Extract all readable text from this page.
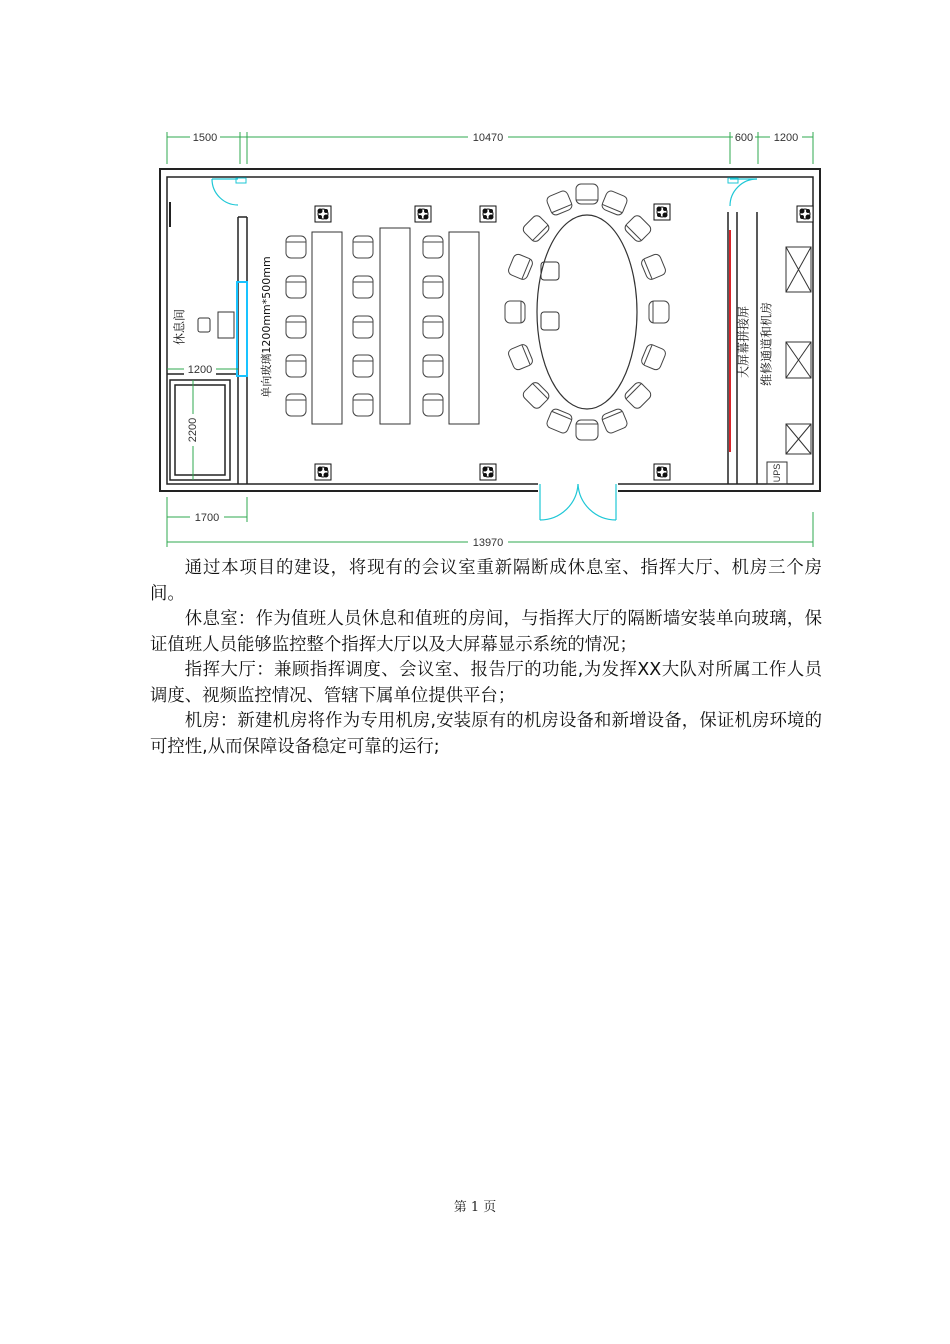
1500	10470	600 1200
休息间	单向玻璃1200mm*500mm
1200
2200
大屏幕拼接屏 维修通道和机房
UPS
1700
13970

通过本项目的建设，将现有的会议室重新隔断成休息室、指挥大厅、机房三个房间。

休息室：作为值班人员休息和值班的房间，与指挥大厅的隔断墙安装单向玻璃，保证值班人员能够监控整个指挥大厅以及大屏幕显示系统的情况；

指挥大厅：兼顾指挥调度、会议室、报告厅的功能,为发挥XX大队对所属工作人员调度、视频监控情况、管辖下属单位提供平台；

机房：新建机房将作为专用机房,安装原有的机房设备和新增设备，保证机房环境的可控性,从而保障设备稳定可靠的运行;

第 1 页
